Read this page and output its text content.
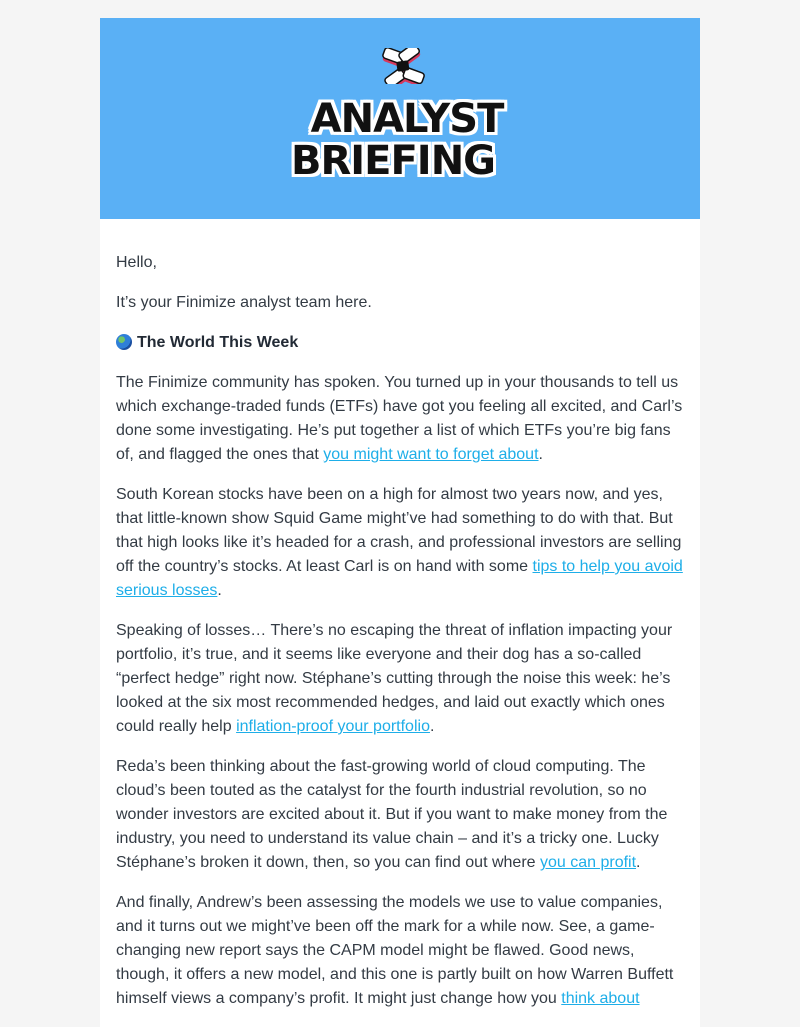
ANALYST
BRIEFING

Hello,

It’s your Finimize analyst team here.

The World This Week

The Finimize community has spoken. You turned up in your thousands to tell us which exchange-traded funds (ETFs) have got you feeling all excited, and Carl’s done some investigating. He’s put together a list of which ETFs you’re big fans of, and flagged the ones that you might want to forget about.

South Korean stocks have been on a high for almost two years now, and yes, that little-known show Squid Game might’ve had something to do with that. But that high looks like it’s headed for a crash, and professional investors are selling off the country’s stocks. At least Carl is on hand with some tips to help you avoid serious losses.

Speaking of losses… There’s no escaping the threat of inflation impacting your portfolio, it’s true, and it seems like everyone and their dog has a so-called “perfect hedge” right now. Stéphane’s cutting through the noise this week: he’s looked at the six most recommended hedges, and laid out exactly which ones could really help inflation-proof your portfolio.

Reda’s been thinking about the fast-growing world of cloud computing. The cloud’s been touted as the catalyst for the fourth industrial revolution, so no wonder investors are excited about it. But if you want to make money from the industry, you need to understand its value chain – and it’s a tricky one. Lucky Stéphane’s broken it down, then, so you can find out where you can profit.

And finally, Andrew’s been assessing the models we use to value companies, and it turns out we might’ve been off the mark for a while now. See, a game-changing new report says the CAPM model might be flawed. Good news, though, it offers a new model, and this one is partly built on how Warren Buffett himself views a company’s profit. It might just change how you think about
